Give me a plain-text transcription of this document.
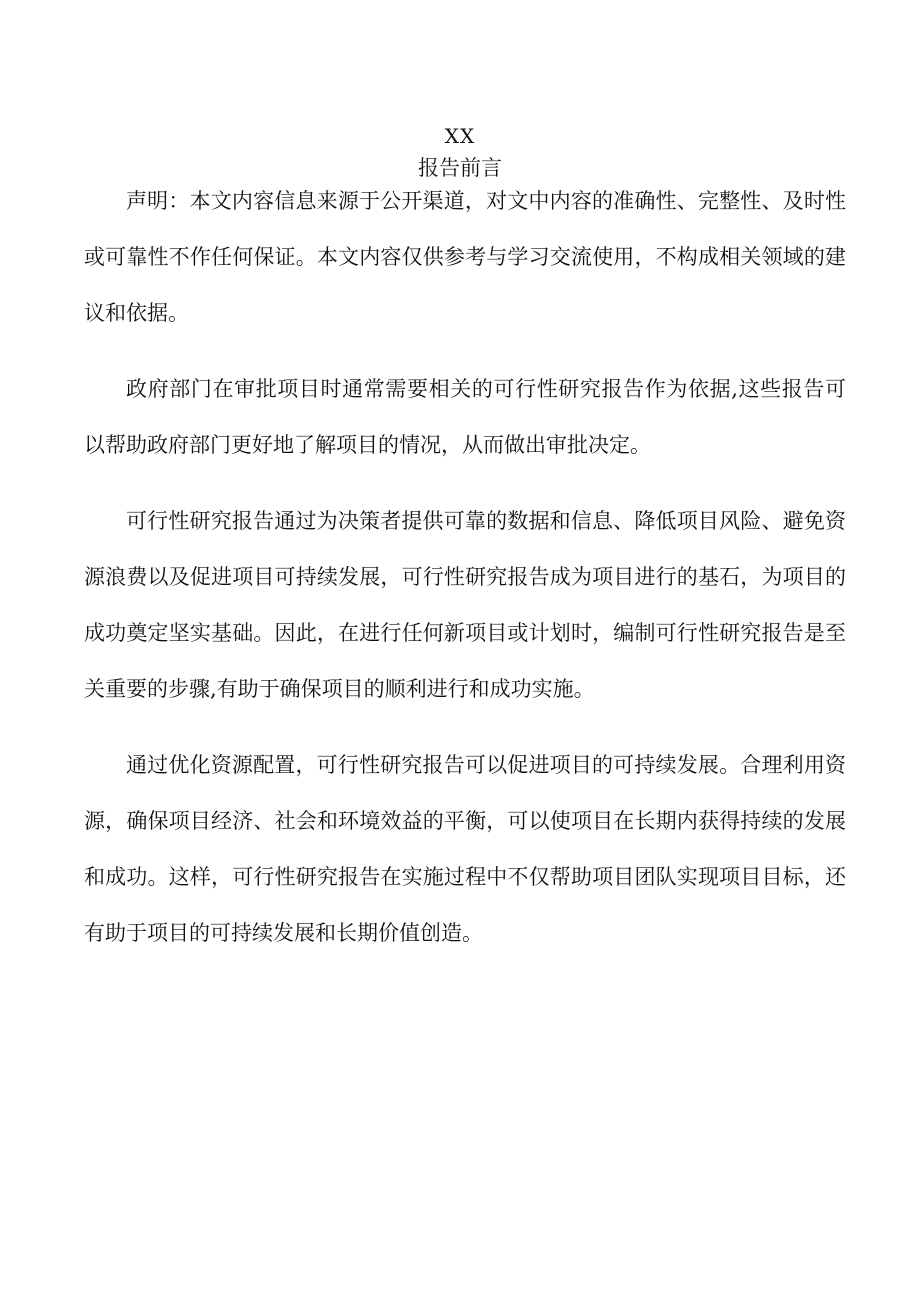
XX
报告前言

声明：本文内容信息来源于公开渠道，对文中内容的准确性、完整性、及时性或可靠性不作任何保证。本文内容仅供参考与学习交流使用，不构成相关领域的建议和依据。

政府部门在审批项目时通常需要相关的可行性研究报告作为依据,这些报告可以帮助政府部门更好地了解项目的情况，从而做出审批决定。

可行性研究报告通过为决策者提供可靠的数据和信息、降低项目风险、避免资源浪费以及促进项目可持续发展，可行性研究报告成为项目进行的基石，为项目的成功奠定坚实基础。因此，在进行任何新项目或计划时，编制可行性研究报告是至关重要的步骤,有助于确保项目的顺利进行和成功实施。

通过优化资源配置，可行性研究报告可以促进项目的可持续发展。合理利用资源，确保项目经济、社会和环境效益的平衡，可以使项目在长期内获得持续的发展和成功。这样，可行性研究报告在实施过程中不仅帮助项目团队实现项目目标，还有助于项目的可持续发展和长期价值创造。
